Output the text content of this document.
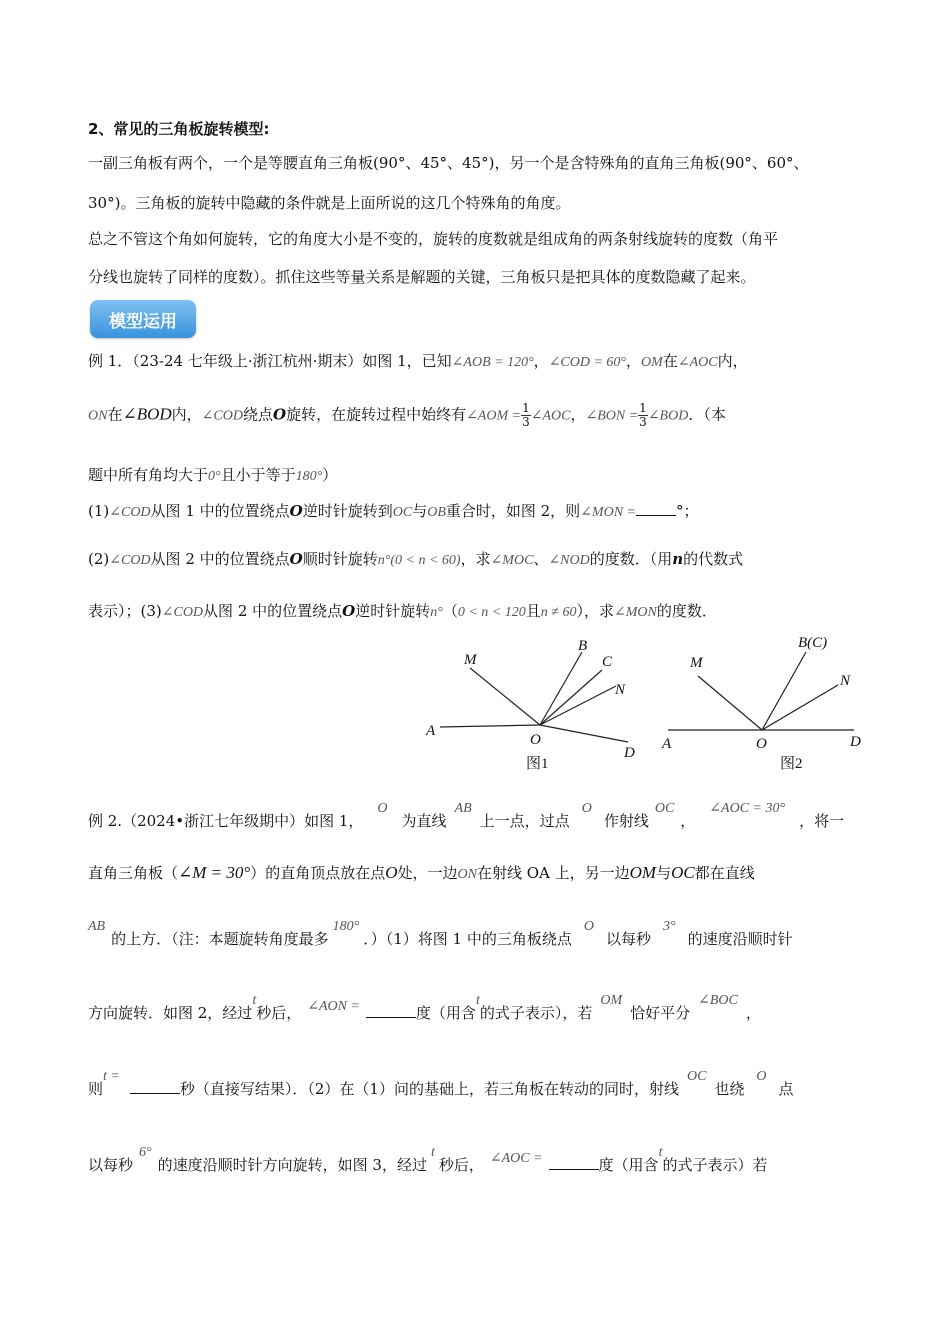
2、常见的三角板旋转模型:
一副三角板有两个，一个是等腰直角三角板(90°、45°、45°)，另一个是含特殊角的直角三角板(90°、60°、
30°)。三角板的旋转中隐藏的条件就是上面所说的这几个特殊角的角度。
总之不管这个角如何旋转，它的角度大小是不变的，旋转的度数就是组成角的两条射线旋转的度数（角平
分线也旋转了同样的度数）。抓住这些等量关系是解题的关键，三角板只是把具体的度数隐藏了起来。
模型运用
例 1．（23-24 七年级上·浙江杭州·期末）如图 1，已知∠AOB = 120°，∠COD = 60°，OM在∠AOC内，
ON在∠BOD内，∠COD绕点O旋转，在旋转过程中始终有∠AOM = $\frac{1}{3}$ ∠AOC，∠BON = $\frac{1}{3}$ ∠BOD．（本
题中所有角均大于0°且小于等于180°）
(1)∠COD从图 1 中的位置绕点O逆时针旋转到OC与OB重合时，如图 2，则∠MON =	°；
(2)∠COD从图 2 中的位置绕点O顺时针旋转n°(0 < n < 60)，求∠MOC、∠NOD的度数．（用n的代数式
表示）；(3)∠COD从图 2 中的位置绕点O逆时针旋转n°（0 < n < 120且n ≠ 60），求∠MON的度数．
例 2.（2024•浙江七年级期中）如图 1，O为直线AB上一点，过点O作射线OC，∠AOC = 30°，将一
直角三角板（∠M = 30°）的直角顶点放在点O处，一边ON在射线 OA 上，另一边OM与OC都在直线
AB的上方．（注：本题旋转角度最多180°．）（1）将图 1 中的三角板绕点O以每秒3°的速度沿顺时针
方向旋转．如图 2，经过t秒后， ∠AON =	度（用含t的式子表示），若OM恰好平分∠BOC，
则t =秒（直接写结果）．（2）在（1）问的基础上，若三角板在转动的同时，射线OC也绕O点
以每秒6°的速度沿顺时针方向旋转，如图 3，经过t秒后， ∠AOC =	度（用含t的式子表示）若
M
B
C
N
A
O
D
图1
M
B(C)
N
A	O	D
图2
